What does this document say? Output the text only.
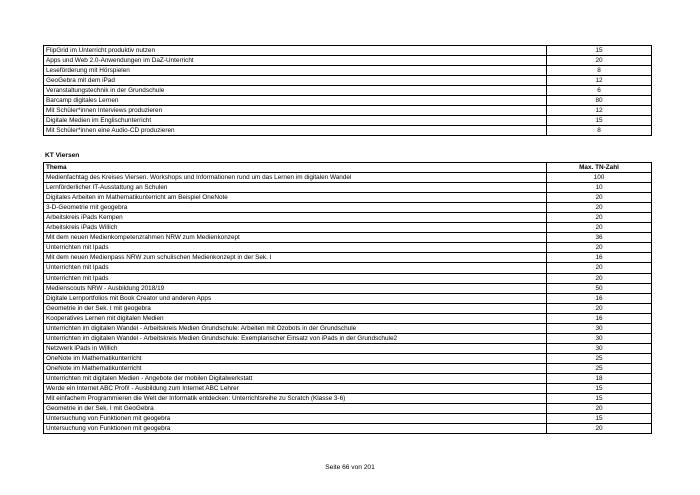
FlipGrid im Unterricht produktiv nutzen	15
Apps und Web 2.0-Anwendungen im DaZ-Unterricht	20
Leseförderung mit Hörspielen	8
GeoGebra mit dem iPad	12
Veranstaltungstechnik in der Grundschule	6
Barcamp digitales Lernen	80
Mit Schüler*innen Interviews produzieren	12
Digitale Medien im Englischunterricht	15
Mit Schüler*innen eine Audio-CD produzieren	8
KT Viersen
Thema	Max. TN-Zahl
Medienfachtag des Kreises Viersen. Workshops und Informationen rund um das Lernen im digitalen Wandel	100
Lernförderlicher IT-Ausstattung an Schulen	10
Digitales Arbeiten im Mathematikunterricht am Beispiel OneNote	20
3-D-Geometrie mit geogebra	20
Arbeitskreis iPads Kempen	20
Arbeitskreis iPads Willich	20
Mit dem neuen Medienkompetenzrahmen NRW zum Medienkonzept	36
Unterrichten mit Ipads	20
Mit dem neuen Medienpass NRW zum schulischen Medienkonzept in der Sek. I	16
Unterrichten mit Ipads	20
Unterrichten mit Ipads	20
Medienscouts NRW - Ausbildung 2018/19	50
Digitale Lernportfolios mit Book Creator und anderen Apps	16
Geometrie in der Sek. I mit geogebra	20
Kooperatives Lernen mit digitalen Medien	16
Unterrichten im digitalen Wandel - Arbeitskreis Medien Grundschule: Arbeiten mit Ozobots in der Grundschule	30
Unterrichten im digitalen Wandel - Arbeitskreis Medien Grundschule: Exemplarischer Einsatz von iPads in der Grundschule2	30
Netzwerk iPads in Willich	30
OneNote im Mathematikunterricht	25
OneNote im Mathematikunterricht	25
Unterrichten mit digitalen Medien - Angebote der mobilen Digitalwerkstatt	18
Werde ein Internet ABC Profi! - Ausbildung zum Internet ABC Lehrer	15
Mit einfachem Programmieren die Welt der Informatik entdecken: Unterrichtsreihe zu Scratch (Klasse 3-6)	15
Geometrie in der Sek. I mit GeoGebra	20
Untersuchung von Funktionen mit geogebra	15
Untersuchung von Funktionen mit geogebra	20
Seite 66 von 201
